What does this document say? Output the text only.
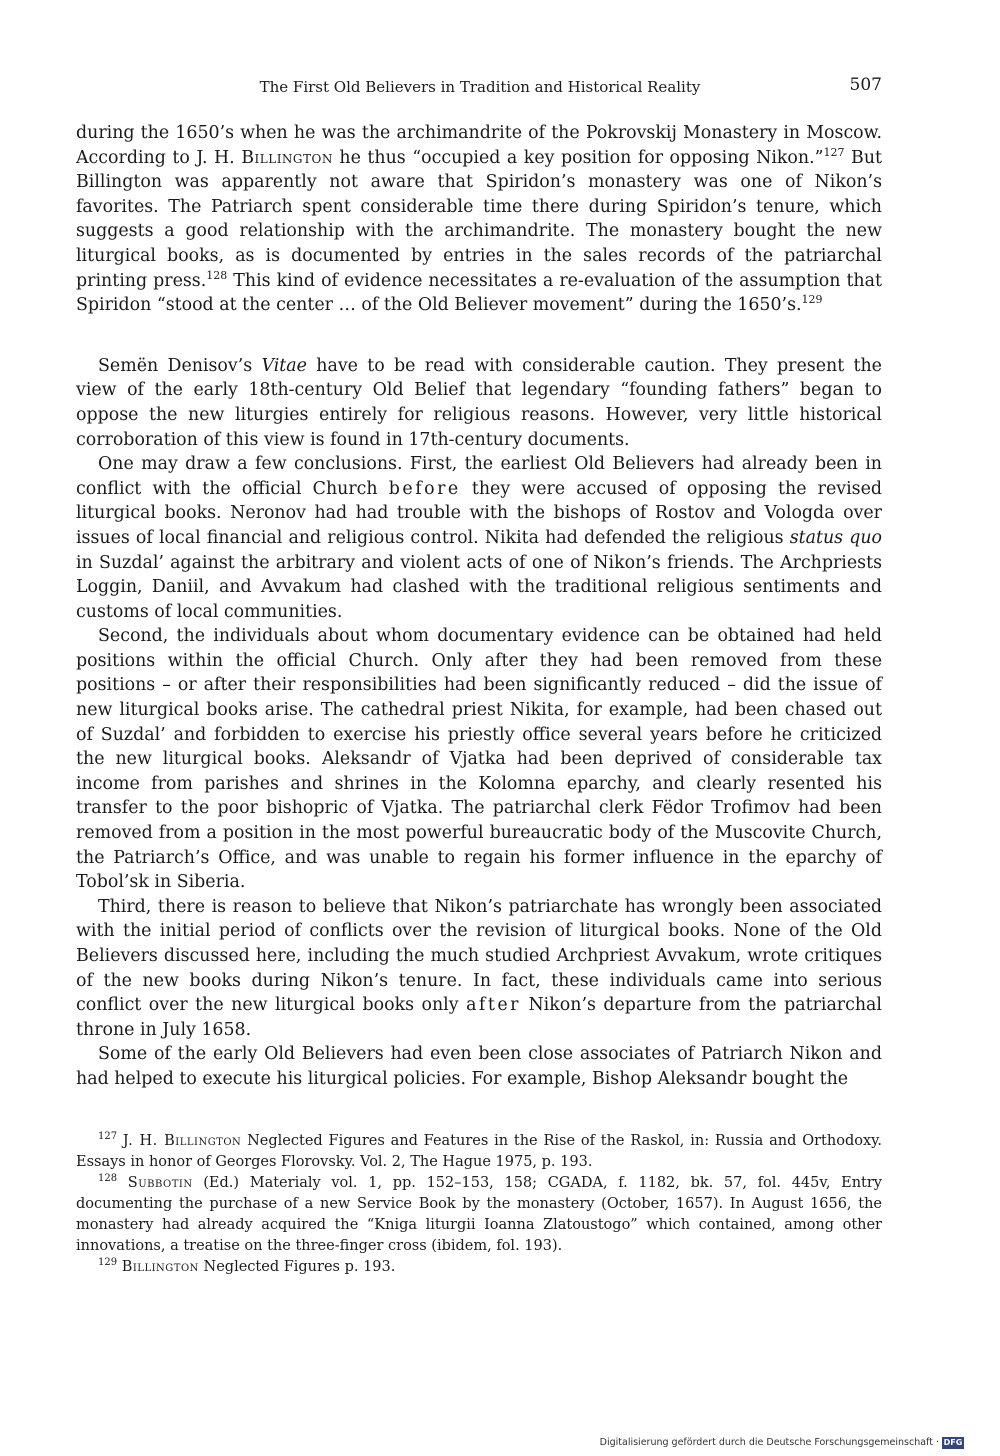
The First Old Believers in Tradition and Historical Reality	507

during the 1650’s when he was the archimandrite of the Pokrovskij Monastery in Moscow. According to J. H. Billington he thus “occupied a key position for opposing Nikon.”$^{127}$ But Billington was apparently not aware that Spiridon’s monastery was one of Nikon’s favorites. The Patriarch spent considerable time there during Spiridon’s tenure, which suggests a good relationship with the archimandrite. The monastery bought the new liturgical books, as is documented by entries in the sales records of the patriarchal printing press.$^{128}$ This kind of evidence necessitates a re-evaluation of the assumption that Spiridon “stood at the center … of the Old Believer movement” during the 1650’s.$^{129}$

Semën Denisov’s Vitae have to be read with considerable caution. They present the view of the early 18th-century Old Belief that legendary “founding fathers” began to oppose the new liturgies entirely for religious reasons. However, very little historical corroboration of this view is found in 17th-century documents.

One may draw a few conclusions. First, the earliest Old Believers had already been in conflict with the official Church before they were accused of opposing the revised liturgical books. Neronov had had trouble with the bishops of Rostov and Vologda over issues of local financial and religious control. Nikita had defended the religious status quo in Suzdal’ against the arbitrary and violent acts of one of Nikon’s friends. The Archpriests Loggin, Daniil, and Avvakum had clashed with the traditional religious sentiments and customs of local communities.

Second, the individuals about whom documentary evidence can be obtained had held positions within the official Church. Only after they had been removed from these positions – or after their responsibilities had been significantly reduced – did the issue of new liturgical books arise. The cathedral priest Nikita, for example, had been chased out of Suzdal’ and forbidden to exercise his priestly office several years before he criticized the new liturgical books. Aleksandr of Vjatka had been deprived of considerable tax income from parishes and shrines in the Kolomna eparchy, and clearly resented his transfer to the poor bishopric of Vjatka. The patriarchal clerk Fëdor Trofimov had been removed from a position in the most powerful bureaucratic body of the Muscovite Church, the Patriarch’s Office, and was unable to regain his former influence in the eparchy of Tobol’sk in Siberia.

Third, there is reason to believe that Nikon’s patriarchate has wrongly been associated with the initial period of conflicts over the revision of liturgical books. None of the Old Believers discussed here, including the much studied Archpriest Avvakum, wrote critiques of the new books during Nikon’s tenure. In fact, these individuals came into serious conflict over the new liturgical books only after Nikon’s departure from the patriarchal throne in July 1658.

Some of the early Old Believers had even been close associates of Patriarch Nikon and had helped to execute his liturgical policies. For example, Bishop Aleksandr bought the

$^{127}$ J. H. Billington Neglected Figures and Features in the Rise of the Raskol, in: Russia and Orthodoxy. Essays in honor of Georges Florovsky. Vol. 2, The Hague 1975, p. 193.

$^{128}$ Subbotin (Ed.) Materialy vol. 1, pp. 152–153, 158; CGADA, f. 1182, bk. 57, fol. 445v, Entry documenting the purchase of a new Service Book by the monastery (October, 1657). In August 1656, the monastery had already acquired the “Kniga liturgii Ioanna Zlatoustogo” which contained, among other innovations, a treatise on the three-finger cross (ibidem, fol. 193).

$^{129}$ Billington Neglected Figures p. 193.

Digitalisierung gefördert durch die Deutsche Forschungsgemeinschaft · DFG
